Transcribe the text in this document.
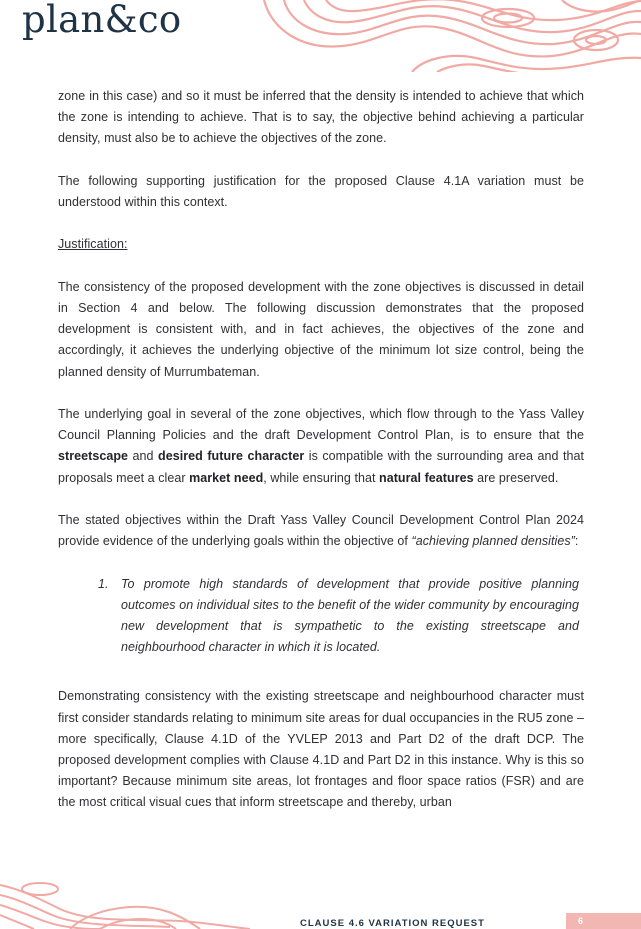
plan&co

zone in this case) and so it must be inferred that the density is intended to achieve that which the zone is intending to achieve. That is to say, the objective behind achieving a particular density, must also be to achieve the objectives of the zone.

The following supporting justification for the proposed Clause 4.1A variation must be understood within this context.

Justification:

The consistency of the proposed development with the zone objectives is discussed in detail in Section 4 and below. The following discussion demonstrates that the proposed development is consistent with, and in fact achieves, the objectives of the zone and accordingly, it achieves the underlying objective of the minimum lot size control, being the planned density of Murrumbateman.

The underlying goal in several of the zone objectives, which flow through to the Yass Valley Council Planning Policies and the draft Development Control Plan, is to ensure that the streetscape and desired future character is compatible with the surrounding area and that proposals meet a clear market need, while ensuring that natural features are preserved.

The stated objectives within the Draft Yass Valley Council Development Control Plan 2024 provide evidence of the underlying goals within the objective of “achieving planned densities”:

1. To promote high standards of development that provide positive planning outcomes on individual sites to the benefit of the wider community by encouraging new development that is sympathetic to the existing streetscape and neighbourhood character in which it is located.

Demonstrating consistency with the existing streetscape and neighbourhood character must first consider standards relating to minimum site areas for dual occupancies in the RU5 zone – more specifically, Clause 4.1D of the YVLEP 2013 and Part D2 of the draft DCP. The proposed development complies with Clause 4.1D and Part D2 in this instance. Why is this so important? Because minimum site areas, lot frontages and floor space ratios (FSR) and are the most critical visual cues that inform streetscape and thereby, urban

CLAUSE 4.6 VARIATION REQUEST	6
